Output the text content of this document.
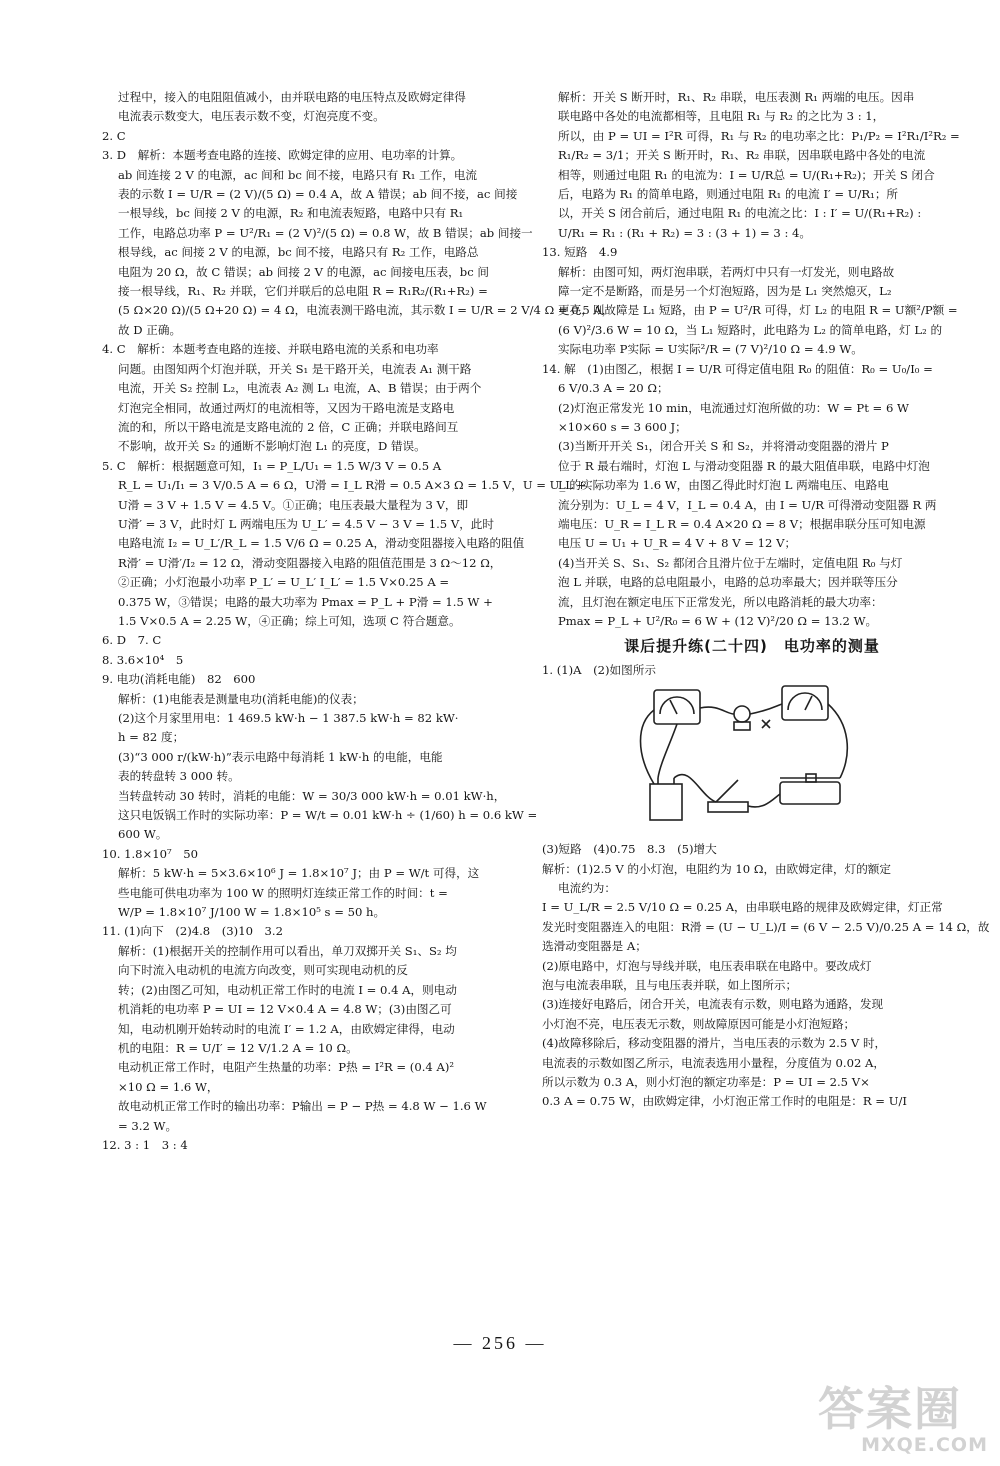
过程中，接入的电阻阻值减小，由并联电路的电压特点及欧姆定律得
电流表示数变大，电压表示数不变，灯泡亮度不变。
2. C
3. D　解析：本题考查电路的连接、欧姆定律的应用、电功率的计算。
ab 间连接 2 V 的电源，ac 间和 bc 间不接，电路只有 R₁ 工作，电流
表的示数 I = U/R = (2 V)/(5 Ω) = 0.4 A，故 A 错误；ab 间不接，ac 间接
一根导线，bc 间接 2 V 的电源，R₂ 和电流表短路，电路中只有 R₁
工作，电路总功率 P = U²/R₁ = (2 V)²/(5 Ω) = 0.8 W，故 B 错误；ab 间接一
根导线，ac 间接 2 V 的电源，bc 间不接，电路只有 R₂ 工作，电路总
电阻为 20 Ω，故 C 错误；ab 间接 2 V 的电源，ac 间接电压表，bc 间
接一根导线，R₁、R₂ 并联，它们并联后的总电阻 R = R₁R₂/(R₁+R₂) =
(5 Ω×20 Ω)/(5 Ω+20 Ω) = 4 Ω，电流表测干路电流，其示数 I = U/R = 2 V/4 Ω = 0.5 A，
故 D 正确。
4. C　解析：本题考查电路的连接、并联电路电流的关系和电功率
问题。由图知两个灯泡并联，开关 S₁ 是干路开关，电流表 A₁ 测干路
电流，开关 S₂ 控制 L₂，电流表 A₂ 测 L₁ 电流，A、B 错误；由于两个
灯泡完全相同，故通过两灯的电流相等，又因为干路电流是支路电
流的和，所以干路电流是支路电流的 2 倍，C 正确；并联电路间互
不影响，故开关 S₂ 的通断不影响灯泡 L₁ 的亮度，D 错误。
5. C　解析：根据题意可知，I₁ = P_L/U₁ = 1.5 W/3 V = 0.5 A
R_L = U₁/I₁ = 3 V/0.5 A = 6 Ω，U滑 = I_L R滑 = 0.5 A×3 Ω = 1.5 V，U = U_L +
U滑 = 3 V + 1.5 V = 4.5 V。①正确；电压表最大量程为 3 V，即
U滑′ = 3 V，此时灯 L 两端电压为 U_L′ = 4.5 V − 3 V = 1.5 V，此时
电路电流 I₂ = U_L′/R_L = 1.5 V/6 Ω = 0.25 A，滑动变阻器接入电路的阻值
R滑′ = U滑′/I₂ = 12 Ω，滑动变阻器接入电路的阻值范围是 3 Ω～12 Ω，
②正确；小灯泡最小功率 P_L′ = U_L′ I_L′ = 1.5 V×0.25 A =
0.375 W，③错误；电路的最大功率为 Pmax = P_L + P滑 = 1.5 W +
1.5 V×0.5 A = 2.25 W，④正确；综上可知，选项 C 符合题意。
6. D　7. C
8. 3.6×10⁴　5
9. 电功(消耗电能)　82　600
解析：(1)电能表是测量电功(消耗电能)的仪表；
(2)这个月家里用电：1 469.5 kW·h − 1 387.5 kW·h = 82 kW·
h = 82 度；
(3)“3 000 r/(kW·h)”表示电路中每消耗 1 kW·h 的电能，电能
表的转盘转 3 000 转。
当转盘转动 30 转时，消耗的电能：W = 30/3 000 kW·h = 0.01 kW·h，
这只电饭锅工作时的实际功率：P = W/t = 0.01 kW·h ÷ (1/60) h = 0.6 kW =
600 W。
10. 1.8×10⁷　50
解析：5 kW·h = 5×3.6×10⁶ J = 1.8×10⁷ J；由 P = W/t 可得，这
些电能可供电功率为 100 W 的照明灯连续正常工作的时间：t =
W/P = 1.8×10⁷ J/100 W = 1.8×10⁵ s = 50 h。
11. (1)向下　(2)4.8　(3)10　3.2
解析：(1)根据开关的控制作用可以看出，单刀双掷开关 S₁、S₂ 均
向下时流入电动机的电流方向改变，则可实现电动机的反
转；(2)由图乙可知，电动机正常工作时的电流 I = 0.4 A，则电动
机消耗的电功率 P = UI = 12 V×0.4 A = 4.8 W；(3)由图乙可
知，电动机刚开始转动时的电流 I′ = 1.2 A，由欧姆定律得，电动
机的电阻：R = U/I′ = 12 V/1.2 A = 10 Ω。
电动机正常工作时，电阻产生热量的功率：P热 = I²R = (0.4 A)²
×10 Ω = 1.6 W，
故电动机正常工作时的输出功率：P输出 = P − P热 = 4.8 W − 1.6 W
= 3.2 W。
12. 3 : 1　3 : 4
解析：开关 S 断开时，R₁、R₂ 串联，电压表测 R₁ 两端的电压。因串
联电路中各处的电流都相等，且电阻 R₁ 与 R₂ 的之比为 3 : 1，
所以，由 P = UI = I²R 可得，R₁ 与 R₂ 的电功率之比：P₁/P₂ = I²R₁/I²R₂ =
R₁/R₂ = 3/1；开关 S 断开时，R₁、R₂ 串联，因串联电路中各处的电流
相等，则通过电阻 R₁ 的电流为：I = U/R总 = U/(R₁+R₂)；开关 S 闭合
后，电路为 R₁ 的简单电路，则通过电阻 R₁ 的电流 I′ = U/R₁；所
以，开关 S 闭合前后，通过电阻 R₁ 的电流之比：I : I′ = U/(R₁+R₂) :
U/R₁ = R₁ : (R₁ + R₂) = 3 : (3 + 1) = 3 : 4。
13. 短路　4.9
解析：由图可知，两灯泡串联，若两灯中只有一灯发光，则电路故
障一定不是断路，而是另一个灯泡短路，因为是 L₁ 突然熄灭，L₂
更亮，则故障是 L₁ 短路，由 P = U²/R 可得，灯 L₂ 的电阻 R = U额²/P额 =
(6 V)²/3.6 W = 10 Ω，当 L₁ 短路时，此电路为 L₂ 的简单电路，灯 L₂ 的
实际电功率 P实际 = U实际²/R = (7 V)²/10 Ω = 4.9 W。
14. 解　(1)由图乙，根据 I = U/R 可得定值电阻 R₀ 的阻值：R₀ = U₀/I₀ =
6 V/0.3 A = 20 Ω；
(2)灯泡正常发光 10 min，电流通过灯泡所做的功：W = Pt = 6 W
×10×60 s = 3 600 J；
(3)当断开开关 S₁，闭合开关 S 和 S₂，并将滑动变阻器的滑片 P
位于 R 最右端时，灯泡 L 与滑动变阻器 R 的最大阻值串联，电路中灯泡
L 的实际功率为 1.6 W，由图乙得此时灯泡 L 两端电压、电路电
流分别为：U_L = 4 V，I_L = 0.4 A，由 I = U/R 可得滑动变阻器 R 两
端电压：U_R = I_L R = 0.4 A×20 Ω = 8 V；根据串联分压可知电源
电压 U = U₁ + U_R = 4 V + 8 V = 12 V；
(4)当开关 S、S₁、S₂ 都闭合且滑片位于左端时，定值电阻 R₀ 与灯
泡 L 并联，电路的总电阻最小，电路的总功率最大；因并联等压分
流，且灯泡在额定电压下正常发光，所以电路消耗的最大功率：
Pmax = P_L + U²/R₀ = 6 W + (12 V)²/20 Ω = 13.2 W。
课后提升练(二十四)　电功率的测量
1. (1)A　(2)如图所示
(3)短路　(4)0.75　8.3　(5)增大
解析：(1)2.5 V 的小灯泡，电阻约为 10 Ω，由欧姆定律，灯的额定
电流约为：
I = U_L/R = 2.5 V/10 Ω = 0.25 A，由串联电路的规律及欧姆定律，灯正常
发光时变阻器连入的电阻：R滑 = (U − U_L)/I = (6 V − 2.5 V)/0.25 A = 14 Ω，故
选滑动变阻器是 A；
(2)原电路中，灯泡与导线并联，电压表串联在电路中。要改成灯
泡与电流表串联，且与电压表并联，如上图所示；
(3)连接好电路后，闭合开关，电流表有示数，则电路为通路，发现
小灯泡不亮，电压表无示数，则故障原因可能是小灯泡短路；
(4)故障移除后，移动变阻器的滑片，当电压表的示数为 2.5 V 时，
电流表的示数如图乙所示，电流表选用小量程，分度值为 0.02 A，
所以示数为 0.3 A，则小灯泡的额定功率是：P = UI = 2.5 V×
0.3 A = 0.75 W，由欧姆定律，小灯泡正常工作时的电阻是：R = U/I
— 256 —
答案圈
MXQE.COM
